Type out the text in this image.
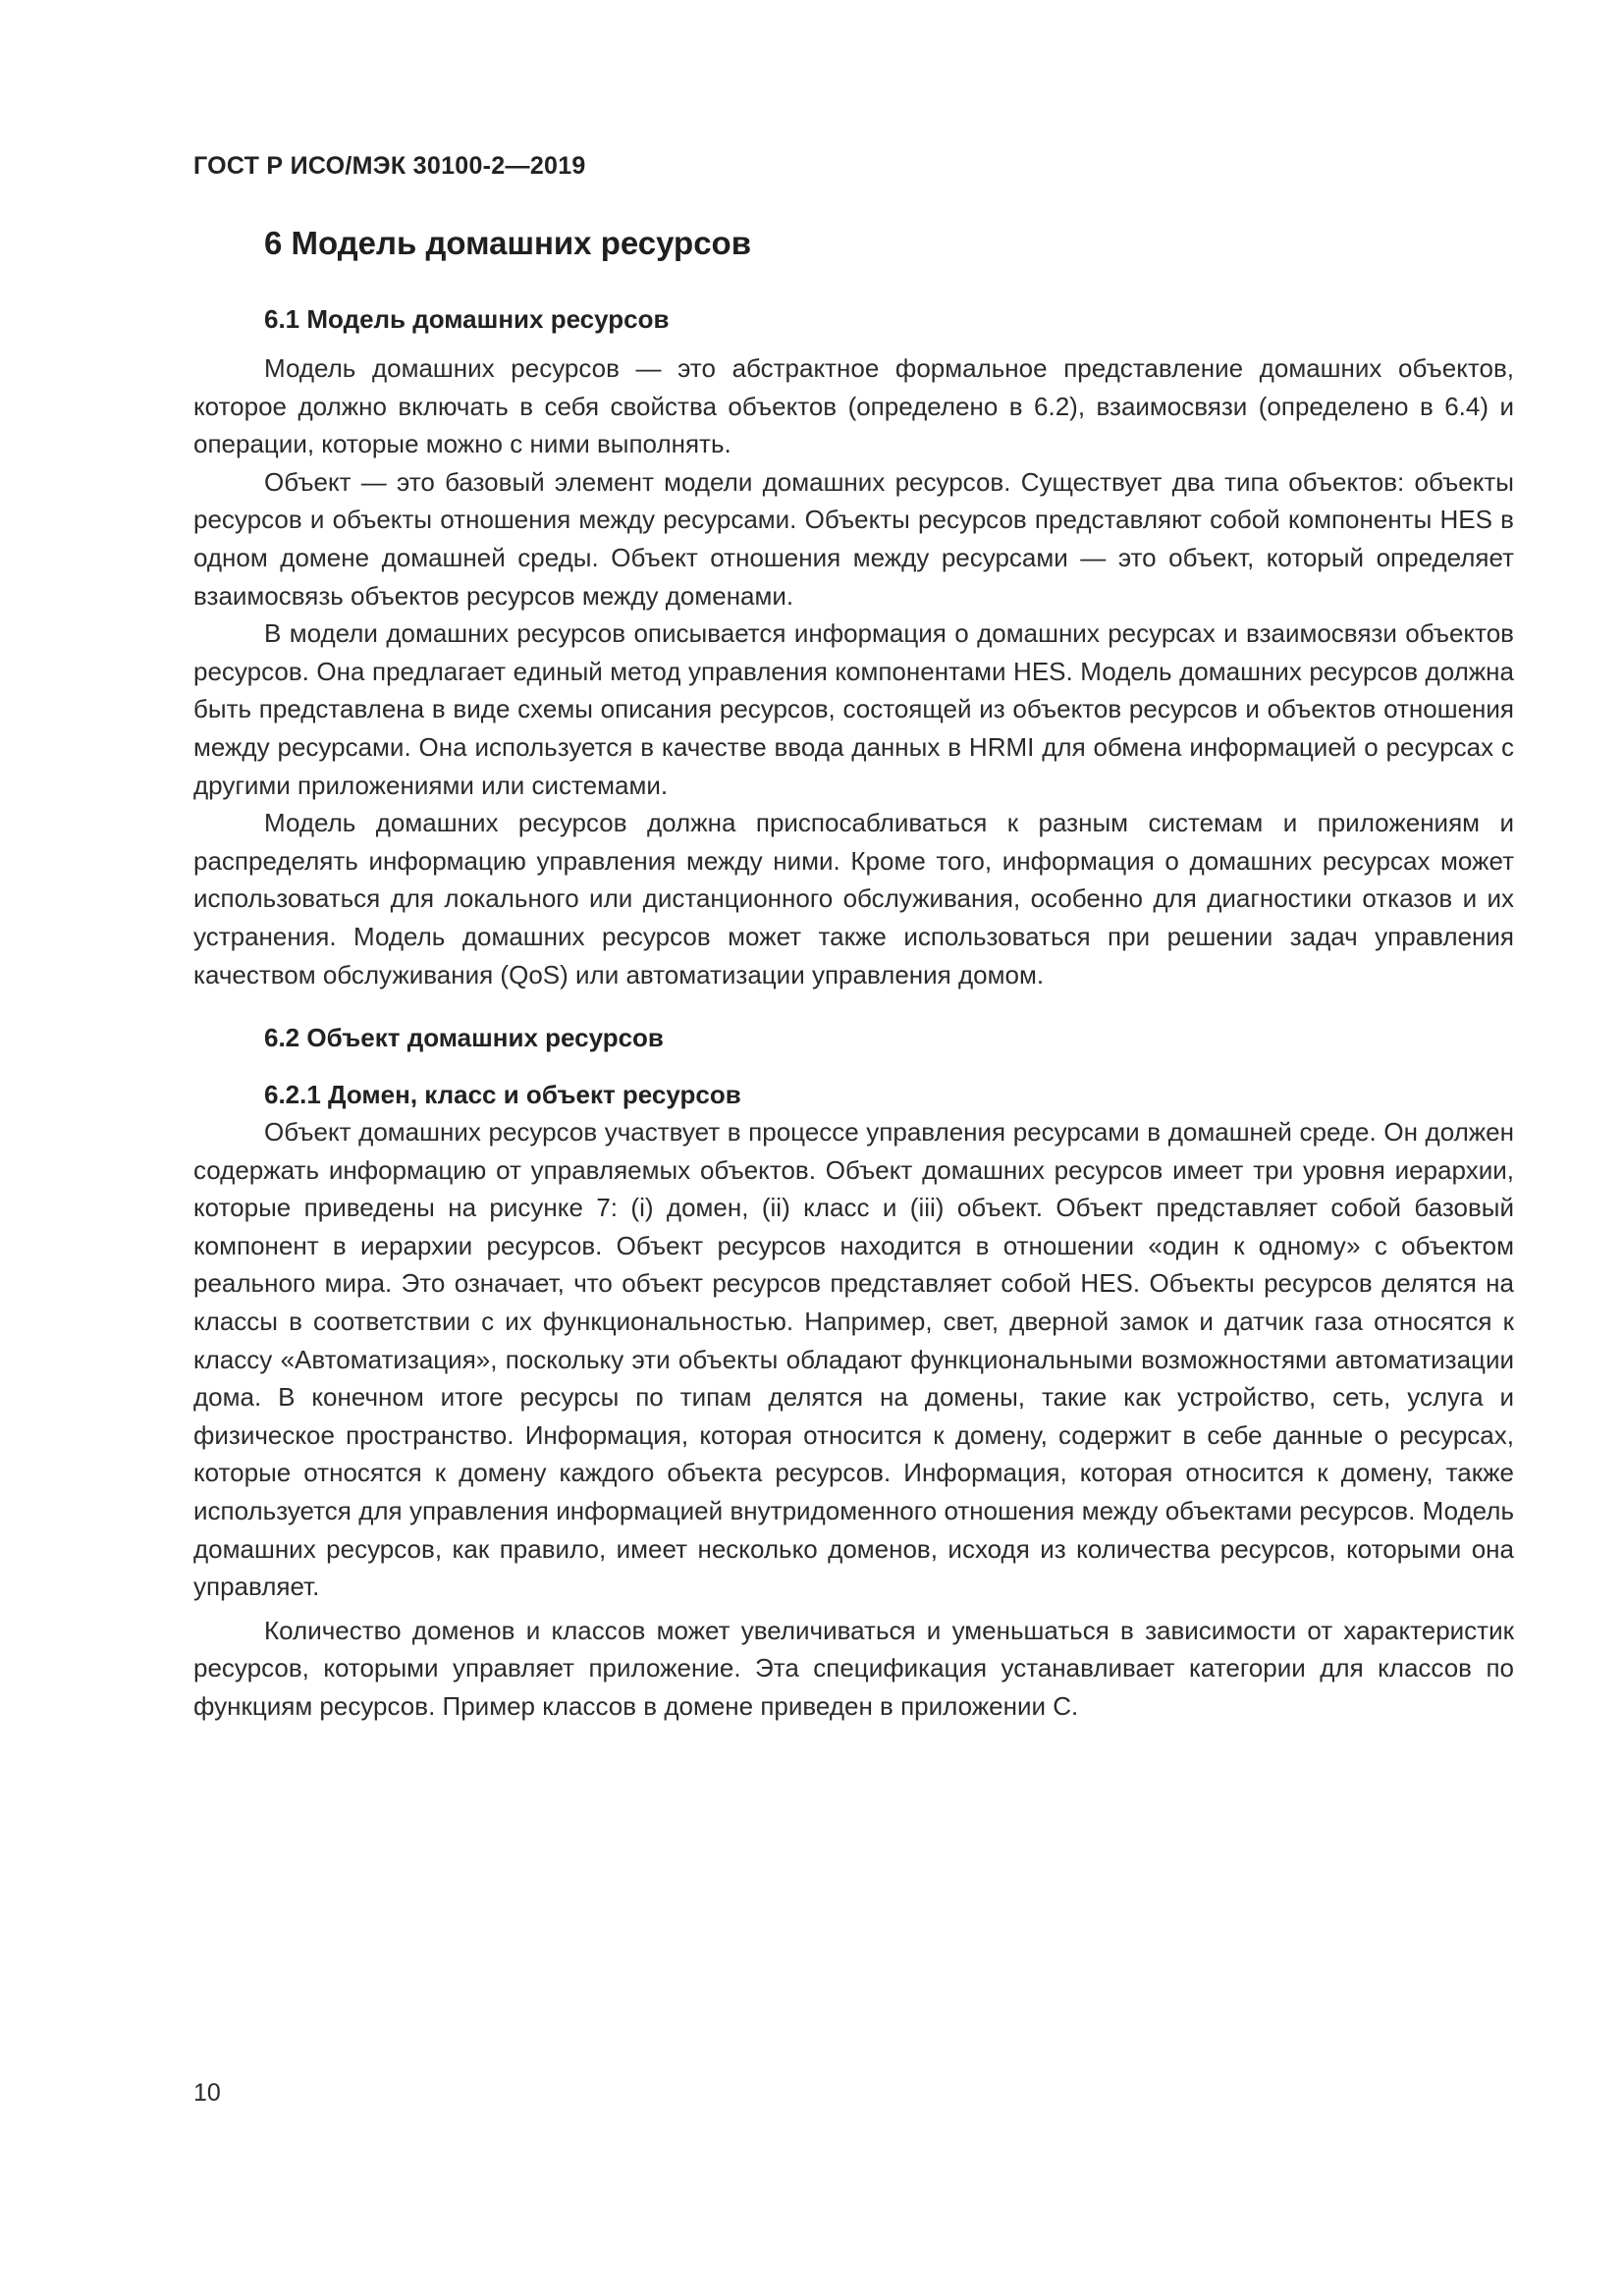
ГОСТ Р ИСО/МЭК 30100-2—2019
6 Модель домашних ресурсов
6.1 Модель домашних ресурсов

Модель домашних ресурсов — это абстрактное формальное представление домашних объектов, которое должно включать в себя свойства объектов (определено в 6.2), взаимосвязи (определено в 6.4) и операции, которые можно с ними выполнять.

Объект — это базовый элемент модели домашних ресурсов. Существует два типа объектов: объекты ресурсов и объекты отношения между ресурсами. Объекты ресурсов представляют собой компоненты HES в одном домене домашней среды. Объект отношения между ресурсами — это объект, который определяет взаимосвязь объектов ресурсов между доменами.

В модели домашних ресурсов описывается информация о домашних ресурсах и взаимосвязи объектов ресурсов. Она предлагает единый метод управления компонентами HES. Модель домашних ресурсов должна быть представлена в виде схемы описания ресурсов, состоящей из объектов ресурсов и объектов отношения между ресурсами. Она используется в качестве ввода данных в HRMI для обмена информацией о ресурсах с другими приложениями или системами.

Модель домашних ресурсов должна приспосабливаться к разным системам и приложениям и распределять информацию управления между ними. Кроме того, информация о домашних ресурсах может использоваться для локального или дистанционного обслуживания, особенно для диагностики отказов и их устранения. Модель домашних ресурсов может также использоваться при решении задач управления качеством обслуживания (QoS) или автоматизации управления домом.

6.2 Объект домашних ресурсов
6.2.1 Домен, класс и объект ресурсов

Объект домашних ресурсов участвует в процессе управления ресурсами в домашней среде. Он должен содержать информацию от управляемых объектов. Объект домашних ресурсов имеет три уровня иерархии, которые приведены на рисунке 7: (i) домен, (ii) класс и (iii) объект. Объект представляет собой базовый компонент в иерархии ресурсов. Объект ресурсов находится в отношении «один к одному» с объектом реального мира. Это означает, что объект ресурсов представляет собой HES. Объекты ресурсов делятся на классы в соответствии с их функциональностью. Например, свет, дверной замок и датчик газа относятся к классу «Автоматизация», поскольку эти объекты обладают функциональными возможностями автоматизации дома. В конечном итоге ресурсы по типам делятся на домены, такие как устройство, сеть, услуга и физическое пространство. Информация, которая относится к домену, содержит в себе данные о ресурсах, которые относятся к домену каждого объекта ресурсов. Информация, которая относится к домену, также используется для управления информацией внутридоменного отношения между объектами ресурсов. Модель домашних ресурсов, как правило, имеет несколько доменов, исходя из количества ресурсов, которыми она управляет.

Количество доменов и классов может увеличиваться и уменьшаться в зависимости от характеристик ресурсов, которыми управляет приложение. Эта спецификация устанавливает категории для классов по функциям ресурсов. Пример классов в домене приведен в приложении С.

10
